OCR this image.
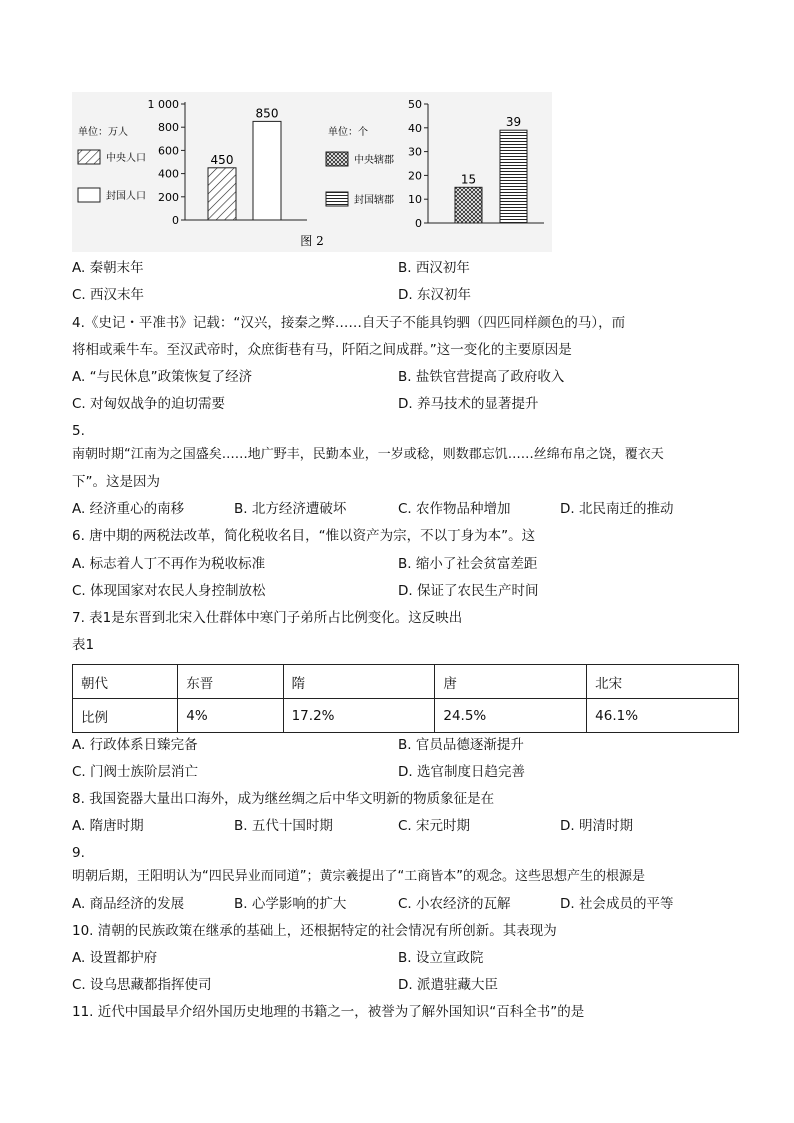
单位：万人
中央人口
封国人口
0
200
400
600
800
1 000
450
850
单位：个
中央辖郡
封国辖郡
0
10
20
30
40
50
15
39
图 2
A. 秦朝末年	B. 西汉初年
C. 西汉末年	D. 东汉初年
4.《史记・平准书》记载：“汉兴，接秦之弊……自天子不能具钧驷（四匹同样颜色的马），而
将相或乘牛车。至汉武帝时，众庶街巷有马，阡陌之间成群。”这一变化的主要原因是
A. “与民休息”政策恢复了经济	B. 盐铁官营提高了政府收入
C. 对匈奴战争的迫切需要	D. 养马技术的显著提升
5.
南朝时期“江南为之国盛矣……地广野丰，民勤本业，一岁或稔，则数郡忘饥……丝绵布帛之饶，覆衣天
下”。这是因为
A. 经济重心的南移	B. 北方经济遭破坏	C. 农作物品种增加	D. 北民南迁的推动
6. 唐中期的两税法改革，简化税收名目，“惟以资产为宗，不以丁身为本”。这
A. 标志着人丁不再作为税收标准	B. 缩小了社会贫富差距
C. 体现国家对农民人身控制放松	D. 保证了农民生产时间
7. 表1是东晋到北宋入仕群体中寒门子弟所占比例变化。这反映出
表1
朝代	东晋	隋	唐	北宋
比例	4%	17.2%	24.5%	46.1%
A. 行政体系日臻完备	B. 官员品德逐渐提升
C. 门阀士族阶层消亡	D. 选官制度日趋完善
8. 我国瓷器大量出口海外，成为继丝绸之后中华文明新的物质象征是在
A. 隋唐时期	B. 五代十国时期	C. 宋元时期	D. 明清时期
9.
明朝后期，王阳明认为“四民异业而同道”；黄宗羲提出了“工商皆本”的观念。这些思想产生的根源是
A. 商品经济的发展	B. 心学影响的扩大	C. 小农经济的瓦解	D. 社会成员的平等
10. 清朝的民族政策在继承的基础上，还根据特定的社会情况有所创新。其表现为
A. 设置都护府	B. 设立宣政院
C. 设乌思藏都指挥使司	D. 派遣驻藏大臣
11. 近代中国最早介绍外国历史地理的书籍之一，被誉为了解外国知识“百科全书”的是
